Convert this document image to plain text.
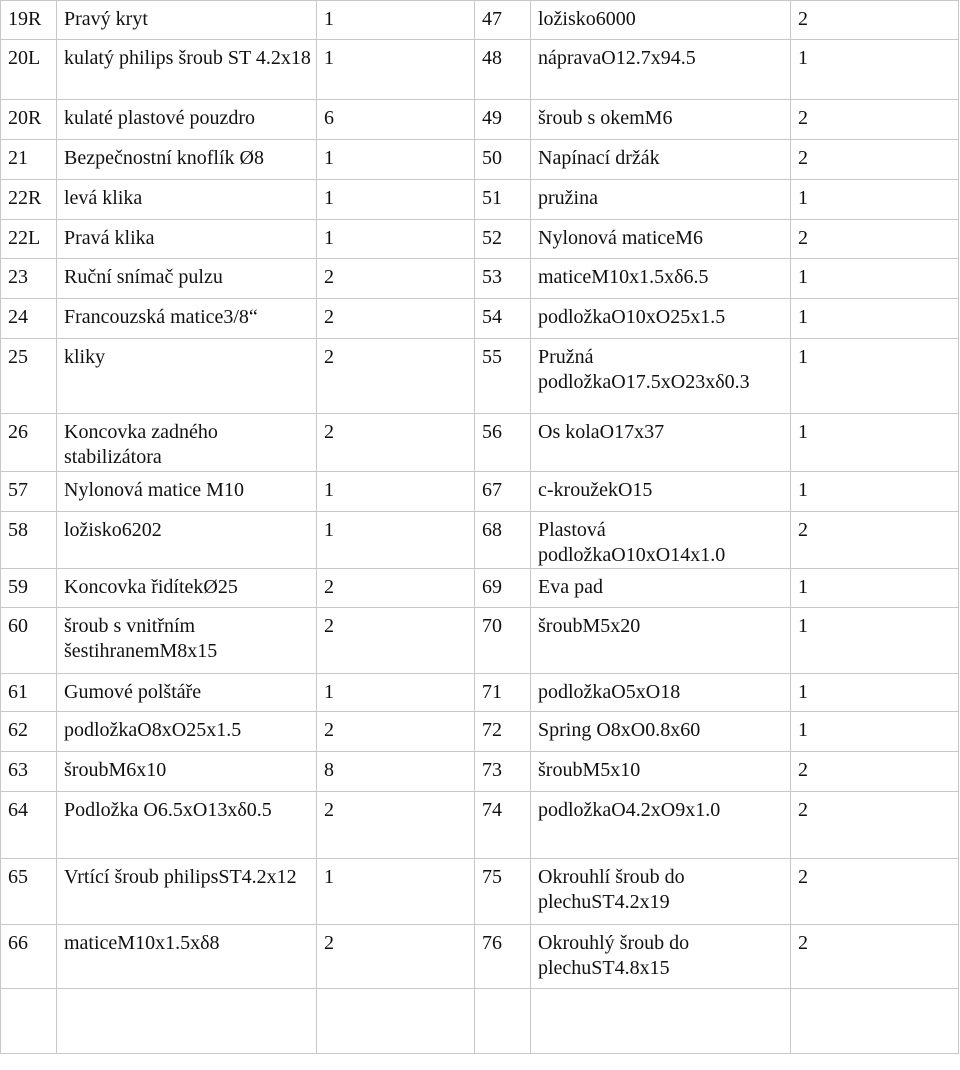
19R	Pravý kryt	1	47	ložisko6000	2
20L	kulatý philips šroub ST 4.2x18	1	48	nápravaO12.7x94.5	1
20R	kulaté plastové pouzdro	6	49	šroub s okemM6	2
21	Bezpečnostní knoflík Ø8	1	50	Napínací držák	2
22R	levá klika	1	51	pružina	1
22L	Pravá klika	1	52	Nylonová maticeM6	2
23	Ruční snímač pulzu	2	53	maticeM10x1.5xδ6.5	1
24	Francouzská matice3/8“	2	54	podložkaO10xO25x1.5	1
25	kliky	2	55	Pružná podložkaO17.5xO23xδ0.3	1
26	Koncovka zadného stabilizátora	2	56	Os kolaO17x37	1
57	Nylonová matice M10	1	67	c-kroužekO15	1
58	ložisko6202	1	68	Plastová podložkaO10xO14x1.0	2
59	Koncovka řidítekØ25	2	69	Eva pad	1
60	šroub s vnitřním šestihranemM8x15	2	70	šroubM5x20	1
61	Gumové polštáře	1	71	podložkaO5xO18	1
62	podložkaO8xO25x1.5	2	72	Spring O8xO0.8x60	1
63	šroubM6x10	8	73	šroubM5x10	2
64	Podložka O6.5xO13xδ0.5	2	74	podložkaO4.2xO9x1.0	2
65	Vrtící šroub philipsST4.2x12	1	75	Okrouhlí šroub do plechuST4.2x19	2
66	maticeM10x1.5xδ8	2	76	Okrouhlý šroub do plechuST4.8x15	2
